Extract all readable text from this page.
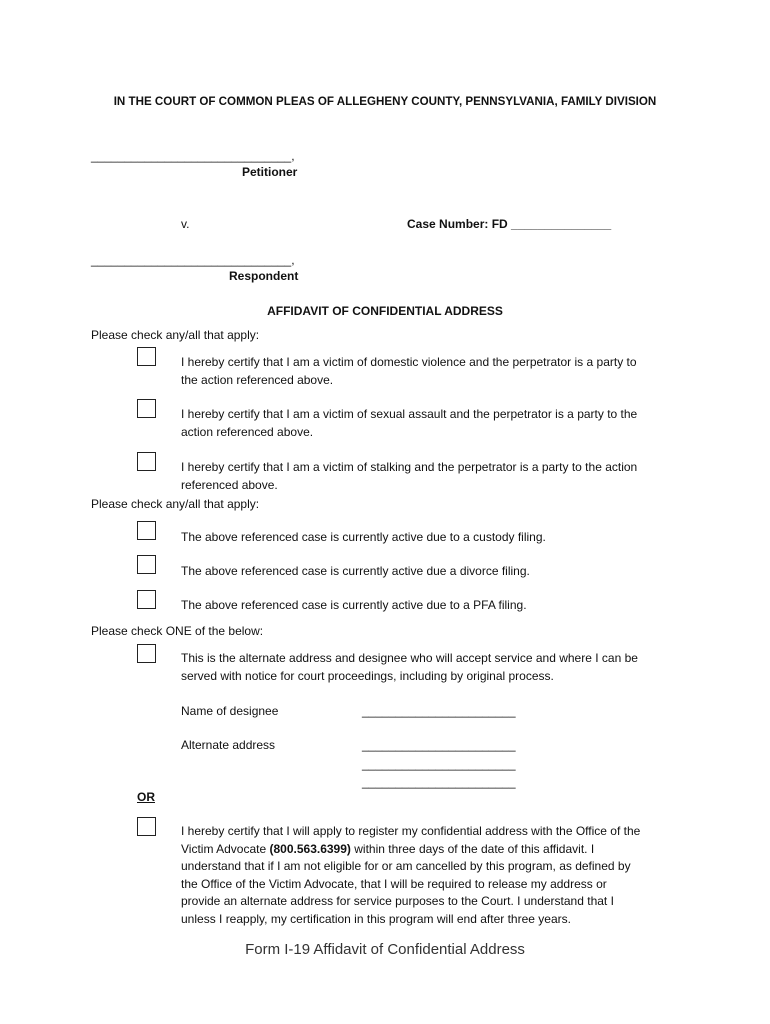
IN THE COURT OF COMMON PLEAS OF ALLEGHENY COUNTY, PENNSYLVANIA, FAMILY DIVISION
______________________________,
Petitioner
v.	Case Number: FD _______________
______________________________,
Respondent
AFFIDAVIT OF CONFIDENTIAL ADDRESS
Please check any/all that apply:
I hereby certify that I am a victim of domestic violence and the perpetrator is a party to
the action referenced above.
I hereby certify that I am a victim of sexual assault and the perpetrator is a party to the
action referenced above.
I hereby certify that I am a victim of stalking and the perpetrator is a party to the action
referenced above.
Please check any/all that apply:
The above referenced case is currently active due to a custody filing.
The above referenced case is currently active due a divorce filing.
The above referenced case is currently active due to a PFA filing.
Please check ONE of the below:
This is the alternate address and designee who will accept service and where I can be
served with notice for court proceedings, including by original process.
Name of designee	_______________________
Alternate address	_______________________
_______________________
_______________________
OR
I hereby certify that I will apply to register my confidential address with the Office of the
Victim Advocate (800.563.6399) within three days of the date of this affidavit. I
understand that if I am not eligible for or am cancelled by this program, as defined by
the Office of the Victim Advocate, that I will be required to release my address or
provide an alternate address for service purposes to the Court. I understand that I
unless I reapply, my certification in this program will end after three years.
Form I-19 Affidavit of Confidential Address
